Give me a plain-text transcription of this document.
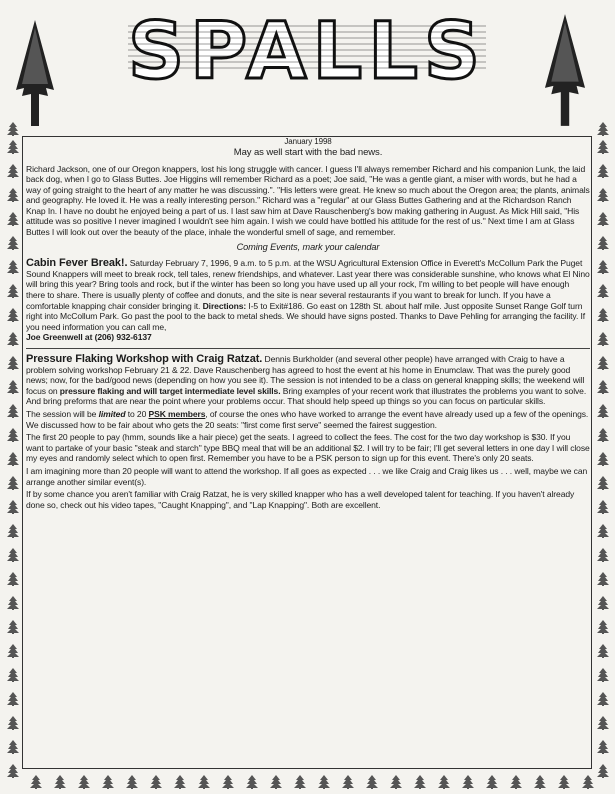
SPALLS
January 1998
May as well start with the bad news.

Richard Jackson, one of our Oregon knappers, lost his long struggle with cancer. I guess I'll always remember Richard and his companion Lunk, the laid back dog, when I go to Glass Buttes. Joe Higgins will remember Richard as a poet; Joe said, "He was a gentle giant, a miser with words, but he had a way of going straight to the heart of any matter he was discussing.". "His letters were great. He knew so much about the Oregon area; the plants, animals and geography. He loved it. He was a really interesting person." Richard was a "regular" at our Glass Buttes Gathering and at the Richardson Ranch Knap In. I have no doubt he enjoyed being a part of us. I last saw him at Dave Rauschenberg's bow making gathering in August. As Mick Hill said, "His attitude was so positive I never imagined I wouldn't see him again. I wish we could have bottled his attitude for the rest of us." Next time I am at Glass Buttes I will look out over the beauty of the place, inhale the wonderful smell of sage, and remember.

Coming Events, mark your calendar

Cabin Fever Break!. Saturday February 7, 1996, 9 a.m. to 5 p.m. at the WSU Agricultural Extension Office in Everett's McCollum Park the Puget Sound Knappers will meet to break rock, tell tales, renew friendships, and whatever. Last year there was considerable sunshine, who knows what El Nino will bring this year? Bring tools and rock, but if the winter has been so long you have used up all your rock, I'm willing to bet people will have enough there to share. There is usually plenty of coffee and donuts, and the site is near several restaurants if you want to break for lunch. If you have a comfortable knapping chair consider bringing it. Directions: I-5 to Exit#186. Go east on 128th St. about half mile. Just opposite Sunset Range Golf turn right into McCollum Park. Go past the pool to the back to metal sheds. We should have signs posted. Thanks to Dave Pehling for arranging the facility. If you need information you can call me,
Joe Greenwell at (206) 932-6137

Pressure Flaking Workshop with Craig Ratzat. Dennis Burkholder (and several other people) have arranged with Craig to have a problem solving workshop February 21 & 22. Dave Rauschenberg has agreed to host the event at his home in Enumclaw. That was the purely good news; now, for the bad/good news (depending on how you see it). The session is not intended to be a class on general knapping skills; the weekend will focus on pressure flaking and will target intermediate level skills. Bring examples of your recent work that illustrates the problems you want to solve. And bring preforms that are near the point where your problems occur. That should help speed up things so you can focus on particular skills.

The session will be limited to 20 PSK members, of course the ones who have worked to arrange the event have already used up a few of the openings. We discussed how to be fair about who gets the 20 seats: "first come first serve" seemed the fairest suggestion.

The first 20 people to pay (hmm, sounds like a hair piece) get the seats. I agreed to collect the fees. The cost for the two day workshop is $30. If you want to partake of your basic "steak and starch" type BBQ meal that will be an additional $2. I will try to be fair; I'll get several letters in one day I will close my eyes and randomly select which to open first. Remember you have to be a PSK person to sign up for this event. There's only 20 seats.

I am imagining more than 20 people will want to attend the workshop. If all goes as expected . . . we like Craig and Craig likes us . . . well, maybe we can arrange another similar event(s).

If by some chance you aren't familiar with Craig Ratzat, he is very skilled knapper who has a well developed talent for teaching. If you haven't already done so, check out his video tapes, "Caught Knapping", and "Lap Knapping". Both are excellent.
